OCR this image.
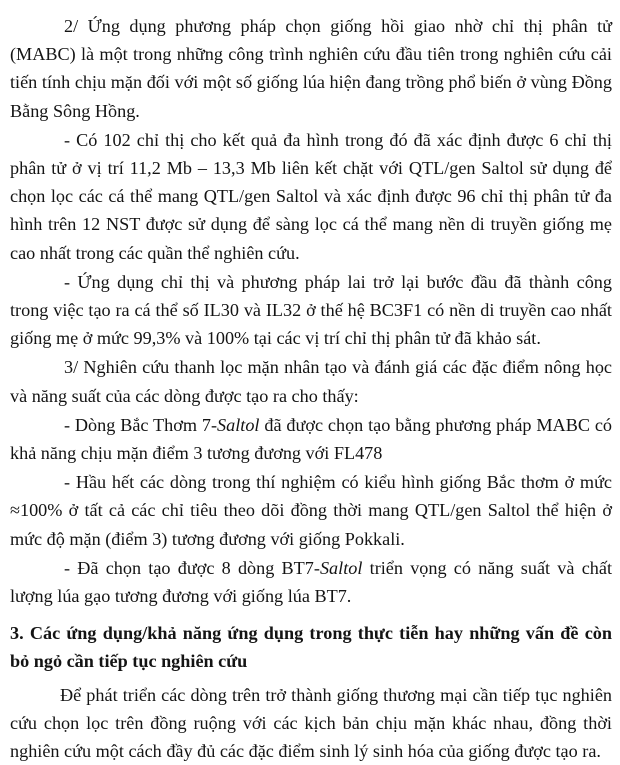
2/ Ứng dụng phương pháp chọn giống hồi giao nhờ chỉ thị phân tử (MABC) là một trong những công trình nghiên cứu đầu tiên trong nghiên cứu cải tiến tính chịu mặn đối với một số giống lúa hiện đang trồng phổ biến ở vùng Đồng Bằng Sông Hồng.

- Có 102 chỉ thị cho kết quả đa hình trong đó đã xác định được 6 chỉ thị phân tử ở vị trí 11,2 Mb – 13,3 Mb liên kết chặt với QTL/gen Saltol sử dụng để chọn lọc các cá thể mang QTL/gen Saltol và xác định được 96 chỉ thị phân tử đa hình trên 12 NST được sử dụng để sàng lọc cá thể mang nền di truyền giống mẹ cao nhất trong các quần thể nghiên cứu.

- Ứng dụng chỉ thị và phương pháp lai trở lại bước đầu đã thành công trong việc tạo ra cá thể số IL30 và IL32 ở thế hệ BC3F1 có nền di truyền cao nhất giống mẹ ở mức 99,3% và 100% tại các vị trí chỉ thị phân tử đã khảo sát.

3/ Nghiên cứu thanh lọc mặn nhân tạo và đánh giá các đặc điểm nông học và năng suất của các dòng được tạo ra cho thấy:

- Dòng Bắc Thơm 7-Saltol đã được chọn tạo bằng phương pháp MABC có khả năng chịu mặn điểm 3 tương đương với FL478

- Hầu hết các dòng trong thí nghiệm có kiểu hình giống Bắc thơm ở mức ≈100% ở tất cả các chỉ tiêu theo dõi đồng thời mang QTL/gen Saltol thể hiện ở mức độ mặn (điểm 3) tương đương với giống Pokkali.

- Đã chọn tạo được 8 dòng BT7-Saltol triển vọng có năng suất và chất lượng lúa gạo tương đương với giống lúa BT7.

3. Các ứng dụng/khả năng ứng dụng trong thực tiễn hay những vấn đề còn bỏ ngỏ cần tiếp tục nghiên cứu

Để phát triển các dòng trên trở thành giống thương mại cần tiếp tục nghiên cứu chọn lọc trên đồng ruộng với các kịch bản chịu mặn khác nhau, đồng thời nghiên cứu một cách đầy đủ các đặc điểm sinh lý sinh hóa của giống được tạo ra.
